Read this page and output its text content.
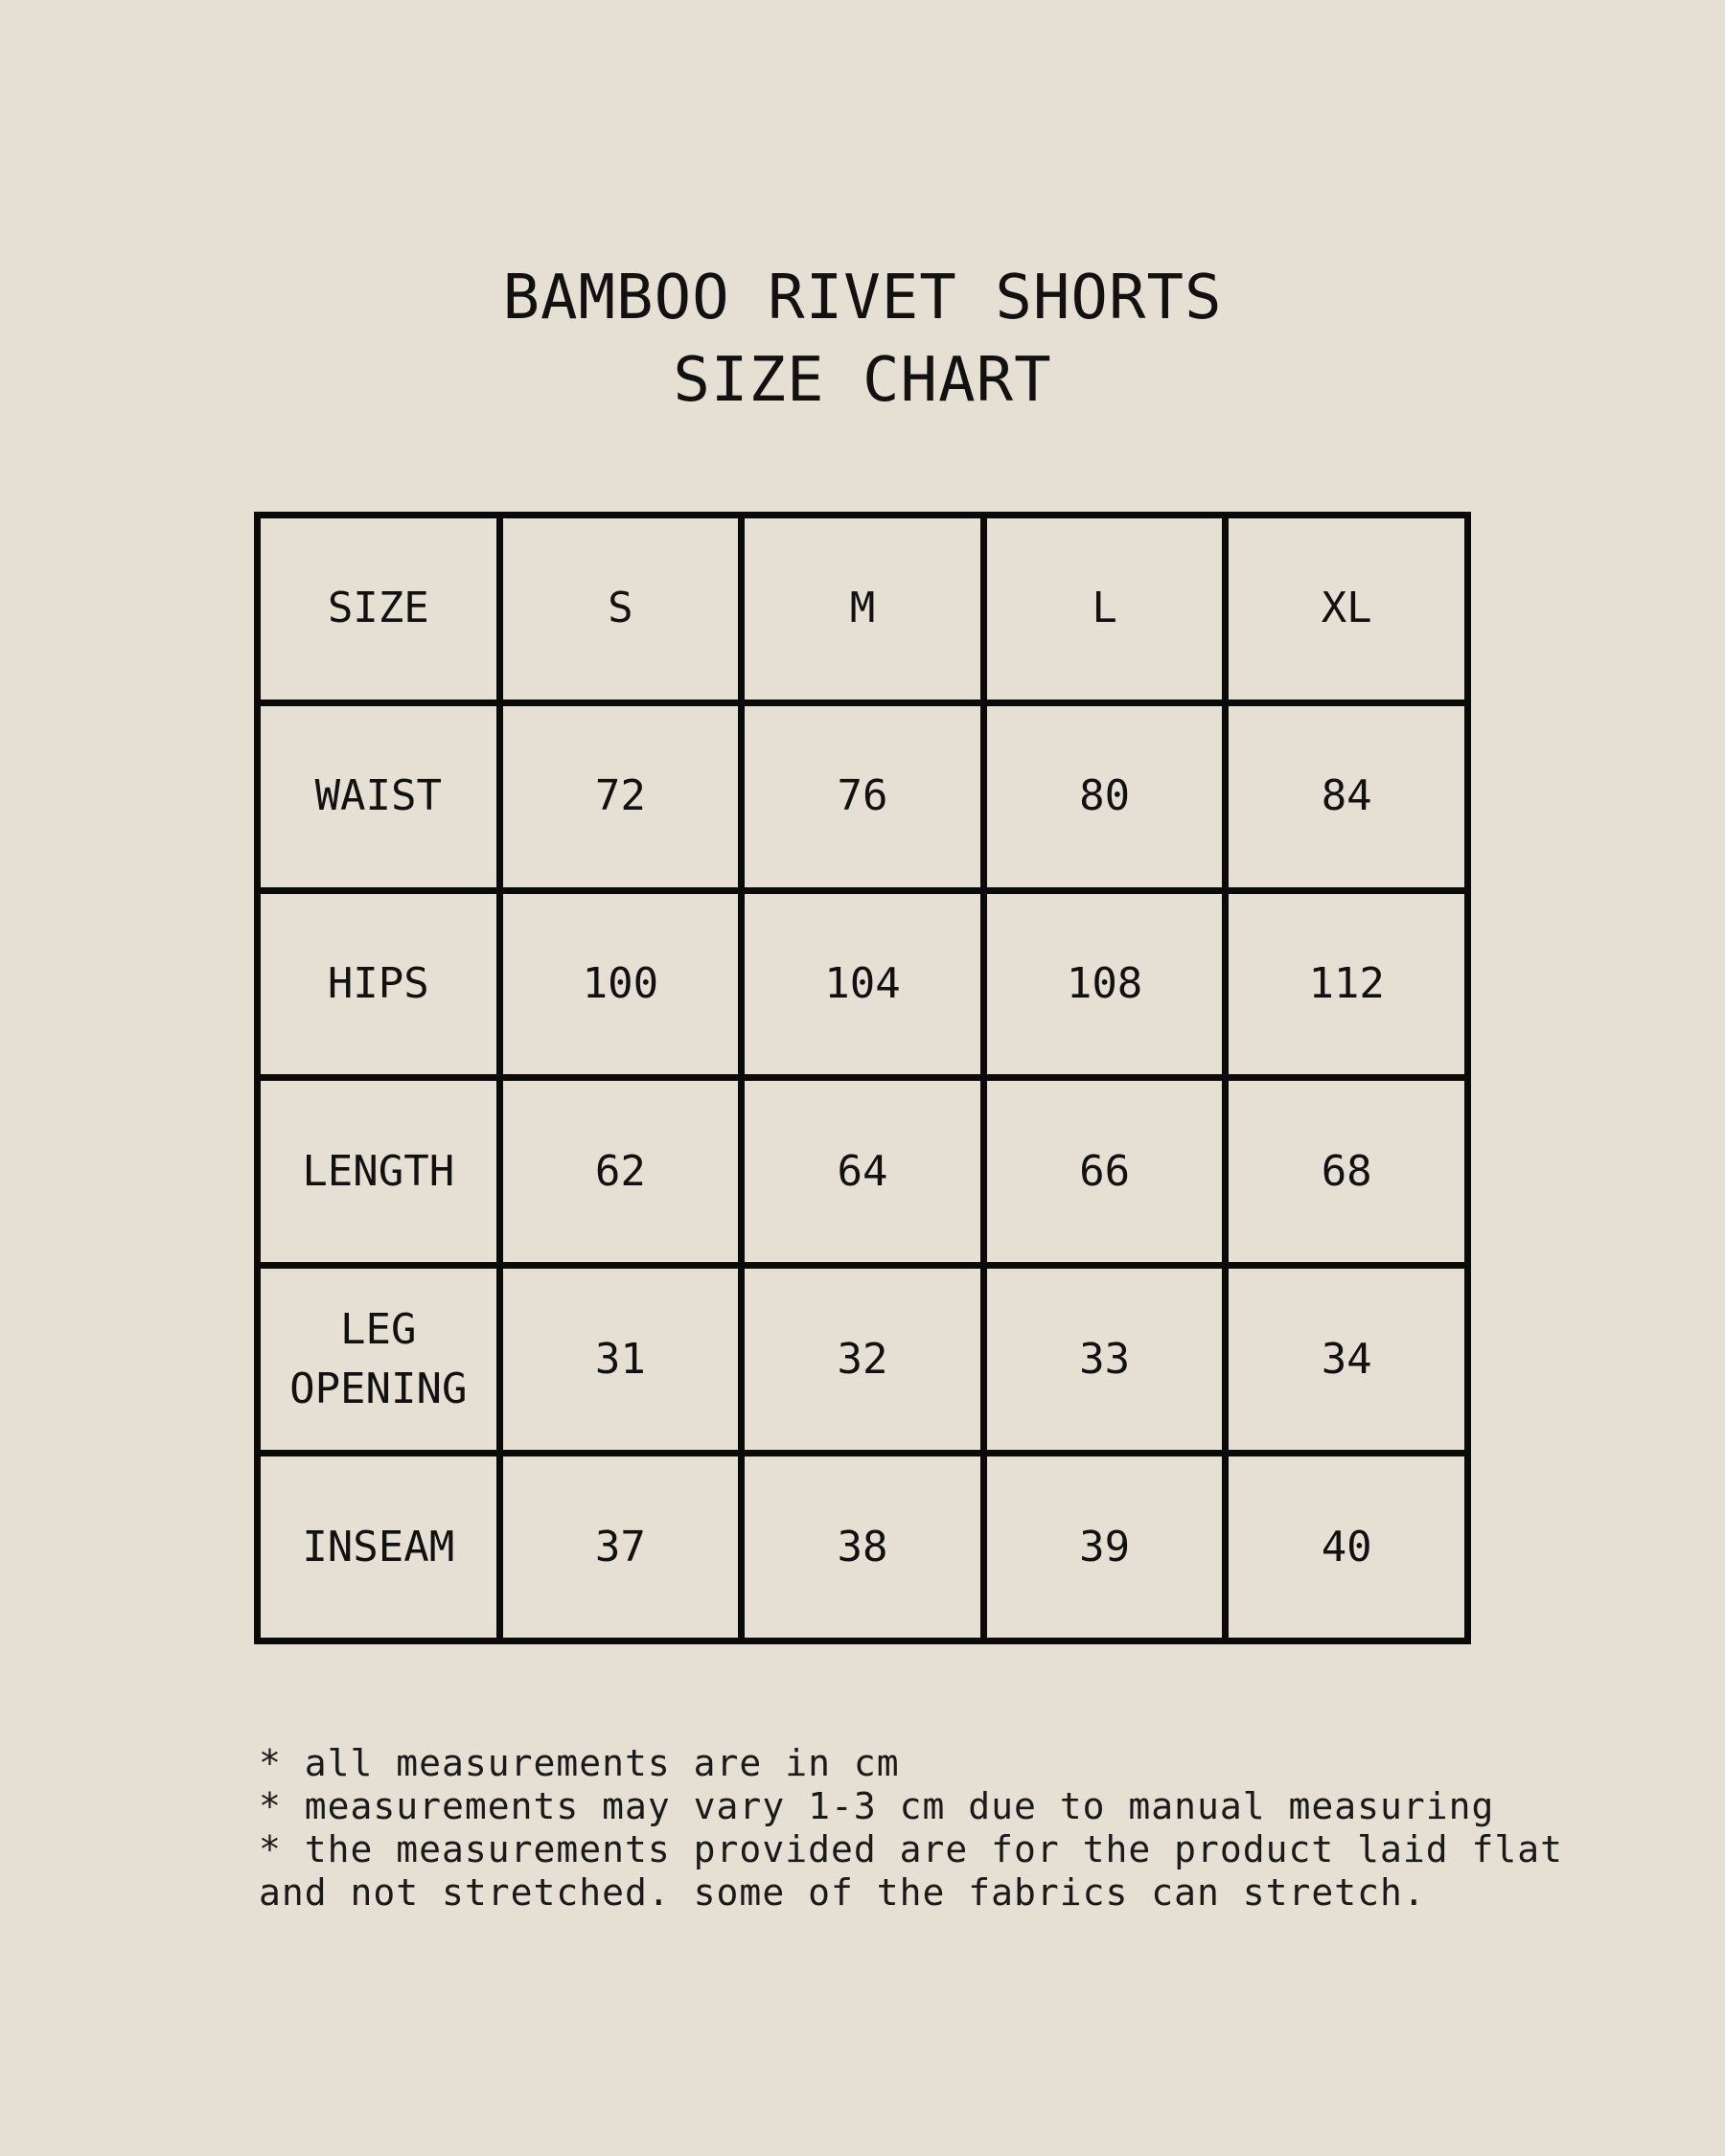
BAMBOO RIVET SHORTS
SIZE CHART
SIZE	S	M	L	XL
WAIST	72	76	80	84
HIPS	100	104	108	112
LENGTH	62	64	66	68
LEG
OPENING	31	32	33	34
INSEAM	37	38	39	40
* all measurements are in cm
* measurements may vary 1-3 cm due to manual measuring
* the measurements provided are for the product laid flat
and not stretched. some of the fabrics can stretch.
